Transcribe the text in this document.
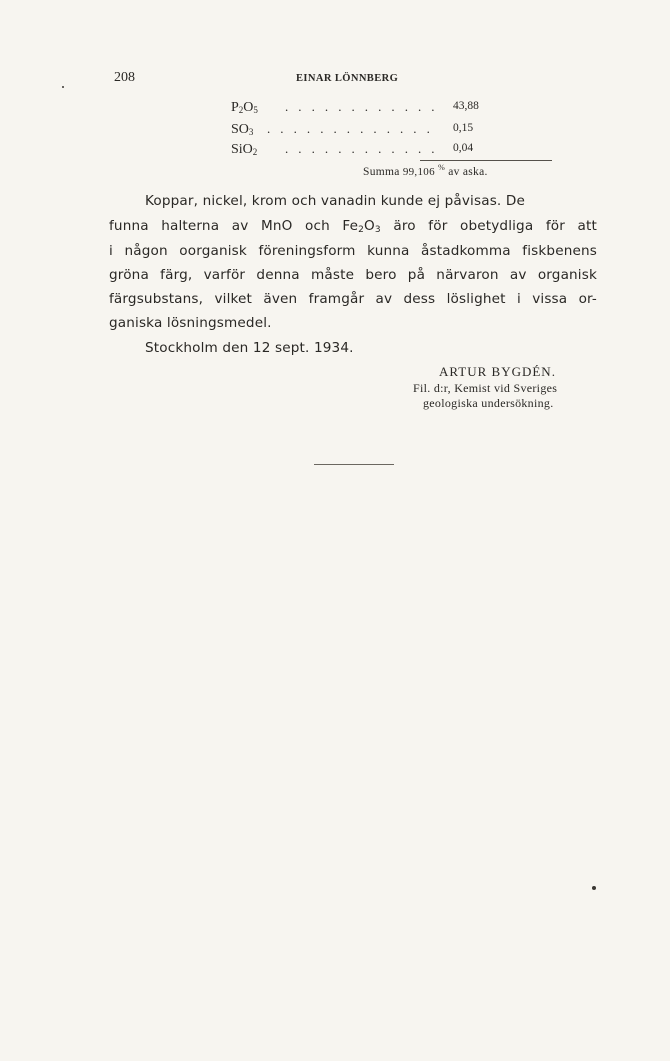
208	EINAR LÖNNBERG
$P_2O_5$ . . . . . . . . . . . . 43,88
$SO_3$ . . . . . . . . . . . . . 0,15
SiO$_2$ . . . . . . . . . . . . 0,04
Summa 99,106 % av aska.
Koppar, nickel, krom och vanadin kunde ej påvisas. De
funna halterna av MnO och $Fe_2O_3$ äro för obetydliga för att
i någon oorganisk föreningsform kunna åstadkomma fiskbenens
gröna färg, varför denna måste bero på närvaron av organisk
färgsubstans, vilket även framgår av dess löslighet i vissa or-
ganiska lösningsmedel.
Stockholm den 12 sept. 1934.
ARTUR BYGDÉN.
Fil. d:r, Kemist vid Sveriges
geologiska undersökning.
